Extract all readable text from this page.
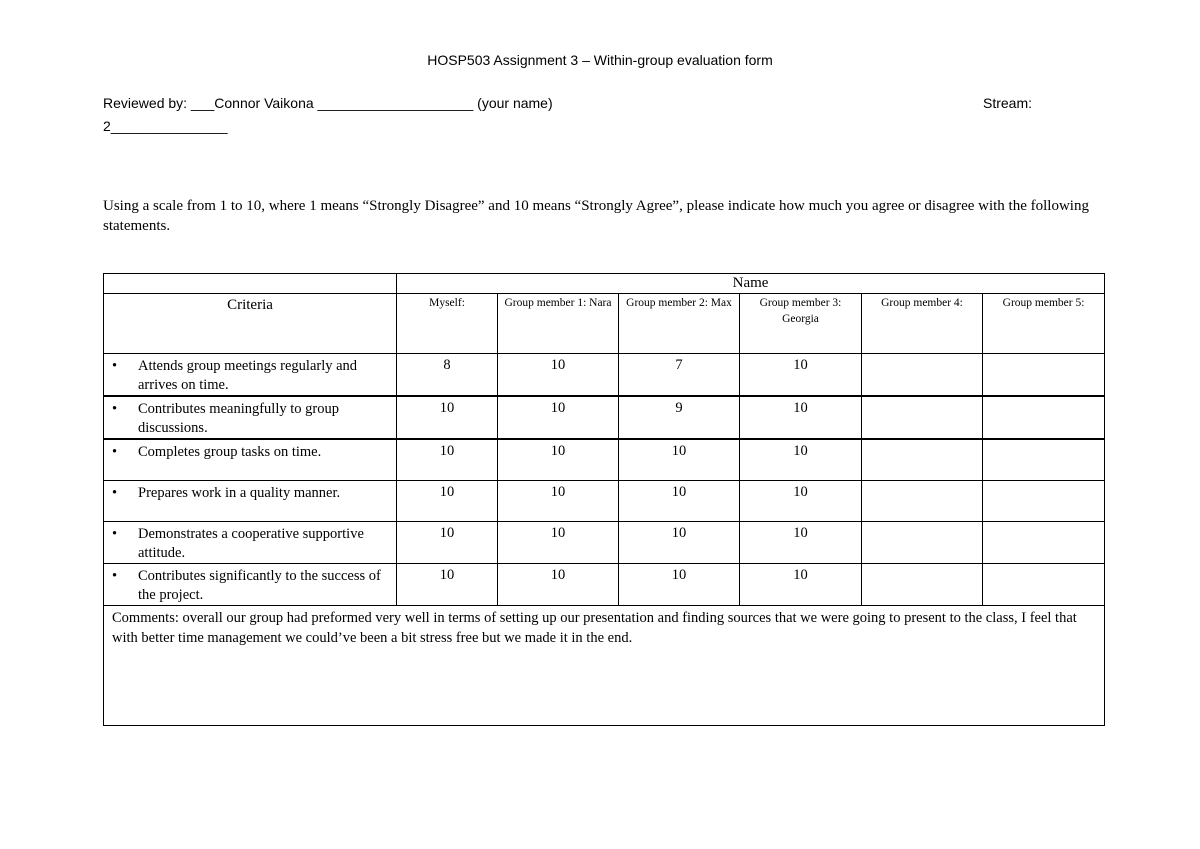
HOSP503 Assignment 3 – Within-group evaluation form
Reviewed by: ___Connor Vaikona ____________________ (your name)	Stream:
2_______________
Using a scale from 1 to 10, where 1 means “Strongly Disagree” and 10 means “Strongly Agree”, please indicate how much you agree or disagree with the following statements.
	Name					
Criteria	Myself:	Group member 1: Nara	Group member 2: Max	Group member 3: Georgia	Group member 4:	Group member 5:

• Attends group meetings regularly and arrives on time.	8	10	7	10		

• Contributes meaningfully to group discussions.	10	10	9	10		

• Completes group tasks on time.	10	10	10	10		

• Prepares work in a quality manner.	10	10	10	10		

• Demonstrates a cooperative supportive attitude.	10	10	10	10		

• Contributes significantly to the success of the project.	10	10	10	10		
Comments: overall our group had preformed very well in terms of setting up our presentation and finding sources that we were going to present to the class, I feel that with better time management we could’ve been a bit stress free but we made it in the end.						
